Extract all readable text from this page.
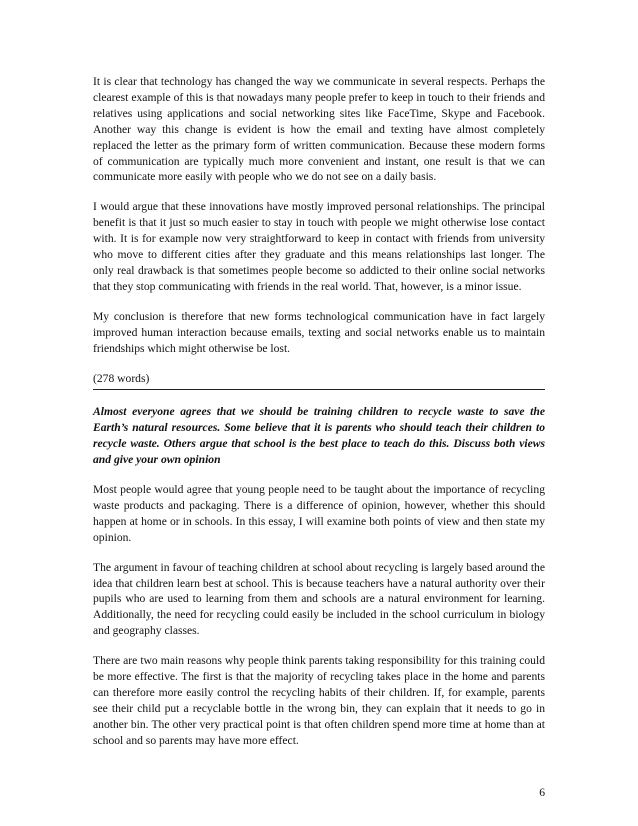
It is clear that technology has changed the way we communicate in several respects. Perhaps the clearest example of this is that nowadays many people prefer to keep in touch to their friends and relatives using applications and social networking sites like FaceTime, Skype and Facebook. Another way this change is evident is how the email and texting have almost completely replaced the letter as the primary form of written communication. Because these modern forms of communication are typically much more convenient and instant, one result is that we can communicate more easily with people who we do not see on a daily basis.

I would argue that these innovations have mostly improved personal relationships. The principal benefit is that it just so much easier to stay in touch with people we might otherwise lose contact with. It is for example now very straightforward to keep in contact with friends from university who move to different cities after they graduate and this means relationships last longer. The only real drawback is that sometimes people become so addicted to their online social networks that they stop communicating with friends in the real world. That, however, is a minor issue.

My conclusion is therefore that new forms technological communication have in fact largely improved human interaction because emails, texting and social networks enable us to maintain friendships which might otherwise be lost.

(278 words)

Almost everyone agrees that we should be training children to recycle waste to save the Earth’s natural resources. Some believe that it is parents who should teach their children to recycle waste. Others argue that school is the best place to teach do this. Discuss both views and give your own opinion

Most people would agree that young people need to be taught about the importance of recycling waste products and packaging. There is a difference of opinion, however, whether this should happen at home or in schools. In this essay, I will examine both points of view and then state my opinion.

The argument in favour of teaching children at school about recycling is largely based around the idea that children learn best at school. This is because teachers have a natural authority over their pupils who are used to learning from them and schools are a natural environment for learning. Additionally, the need for recycling could easily be included in the school curriculum in biology and geography classes.

There are two main reasons why people think parents taking responsibility for this training could be more effective. The first is that the majority of recycling takes place in the home and parents can therefore more easily control the recycling habits of their children. If, for example, parents see their child put a recyclable bottle in the wrong bin, they can explain that it needs to go in another bin. The other very practical point is that often children spend more time at home than at school and so parents may have more effect.

6
